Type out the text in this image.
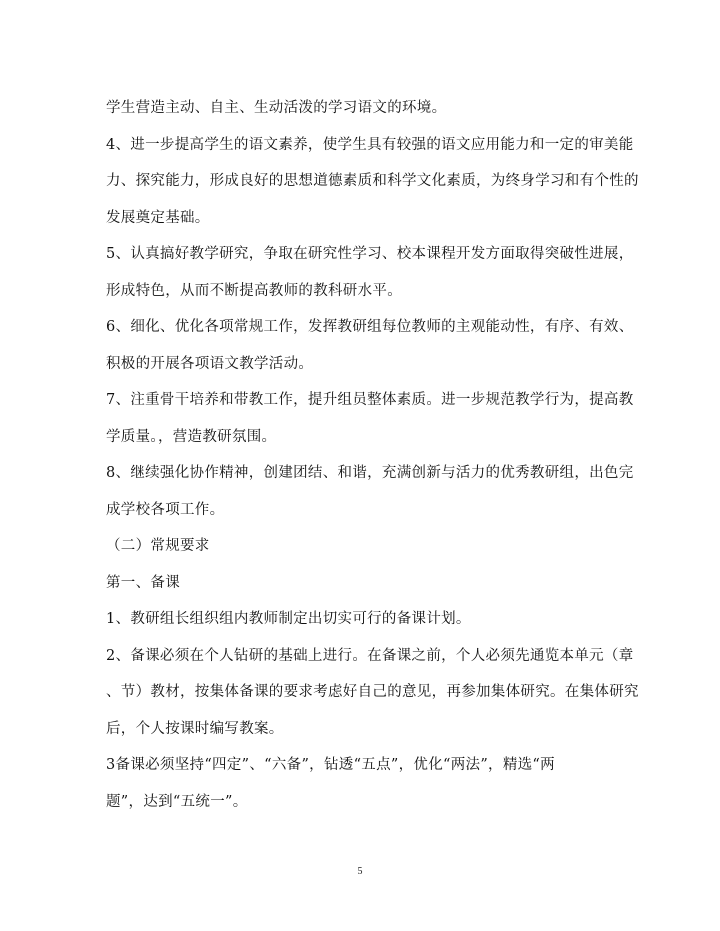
学生营造主动、自主、生动活泼的学习语文的环境。
4、进一步提高学生的语文素养，使学生具有较强的语文应用能力和一定的审美能
力、探究能力，形成良好的思想道德素质和科学文化素质，为终身学习和有个性的
发展奠定基础。
5、认真搞好教学研究，争取在研究性学习、校本课程开发方面取得突破性进展，
形成特色，从而不断提高教师的教科研水平。
6、细化、优化各项常规工作，发挥教研组每位教师的主观能动性，有序、有效、
积极的开展各项语文教学活动。
7、注重骨干培养和带教工作，提升组员整体素质。进一步规范教学行为，提高教
学质量。，营造教研氛围。
8、继续强化协作精神，创建团结、和谐，充满创新与活力的优秀教研组，出色完
成学校各项工作。
（二）常规要求
第一、备课
1、教研组长组织组内教师制定出切实可行的备课计划。
2、备课必须在个人钻研的基础上进行。在备课之前，个人必须先通览本单元（章
、节）教材，按集体备课的要求考虑好自己的意见，再参加集体研究。在集体研究
后，个人按课时编写教案。
3备课必须坚持“四定”、“六备”，钻透“五点”，优化“两法”，精选“两
题”，达到“五统一”。
5
